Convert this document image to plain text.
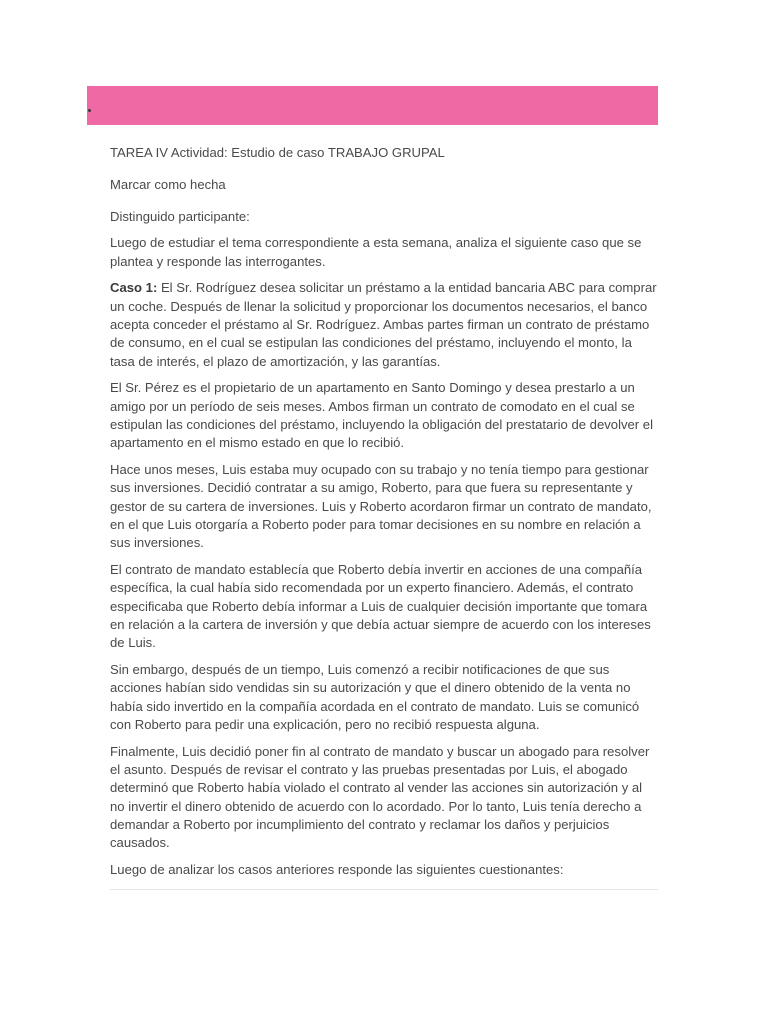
TAREA IV Actividad: Estudio de caso TRABAJO GRUPAL

Marcar como hecha

Distinguido participante:

Luego de estudiar el tema correspondiente a esta semana, analiza el siguiente caso que se plantea y responde las interrogantes.

Caso 1: El Sr. Rodríguez desea solicitar un préstamo a la entidad bancaria ABC para comprar un coche. Después de llenar la solicitud y proporcionar los documentos necesarios, el banco acepta conceder el préstamo al Sr. Rodríguez. Ambas partes firman un contrato de préstamo de consumo, en el cual se estipulan las condiciones del préstamo, incluyendo el monto, la tasa de interés, el plazo de amortización, y las garantías.

El Sr. Pérez es el propietario de un apartamento en Santo Domingo y desea prestarlo a un amigo por un período de seis meses. Ambos firman un contrato de comodato en el cual se estipulan las condiciones del préstamo, incluyendo la obligación del prestatario de devolver el apartamento en el mismo estado en que lo recibió.

Hace unos meses, Luis estaba muy ocupado con su trabajo y no tenía tiempo para gestionar sus inversiones. Decidió contratar a su amigo, Roberto, para que fuera su representante y gestor de su cartera de inversiones. Luis y Roberto acordaron firmar un contrato de mandato, en el que Luis otorgaría a Roberto poder para tomar decisiones en su nombre en relación a sus inversiones.

El contrato de mandato establecía que Roberto debía invertir en acciones de una compañía específica, la cual había sido recomendada por un experto financiero. Además, el contrato especificaba que Roberto debía informar a Luis de cualquier decisión importante que tomara en relación a la cartera de inversión y que debía actuar siempre de acuerdo con los intereses de Luis.

Sin embargo, después de un tiempo, Luis comenzó a recibir notificaciones de que sus acciones habían sido vendidas sin su autorización y que el dinero obtenido de la venta no había sido invertido en la compañía acordada en el contrato de mandato. Luis se comunicó con Roberto para pedir una explicación, pero no recibió respuesta alguna.

Finalmente, Luis decidió poner fin al contrato de mandato y buscar un abogado para resolver el asunto. Después de revisar el contrato y las pruebas presentadas por Luis, el abogado determinó que Roberto había violado el contrato al vender las acciones sin autorización y al no invertir el dinero obtenido de acuerdo con lo acordado. Por lo tanto, Luis tenía derecho a demandar a Roberto por incumplimiento del contrato y reclamar los daños y perjuicios causados.

Luego de analizar los casos anteriores responde las siguientes cuestionantes:
